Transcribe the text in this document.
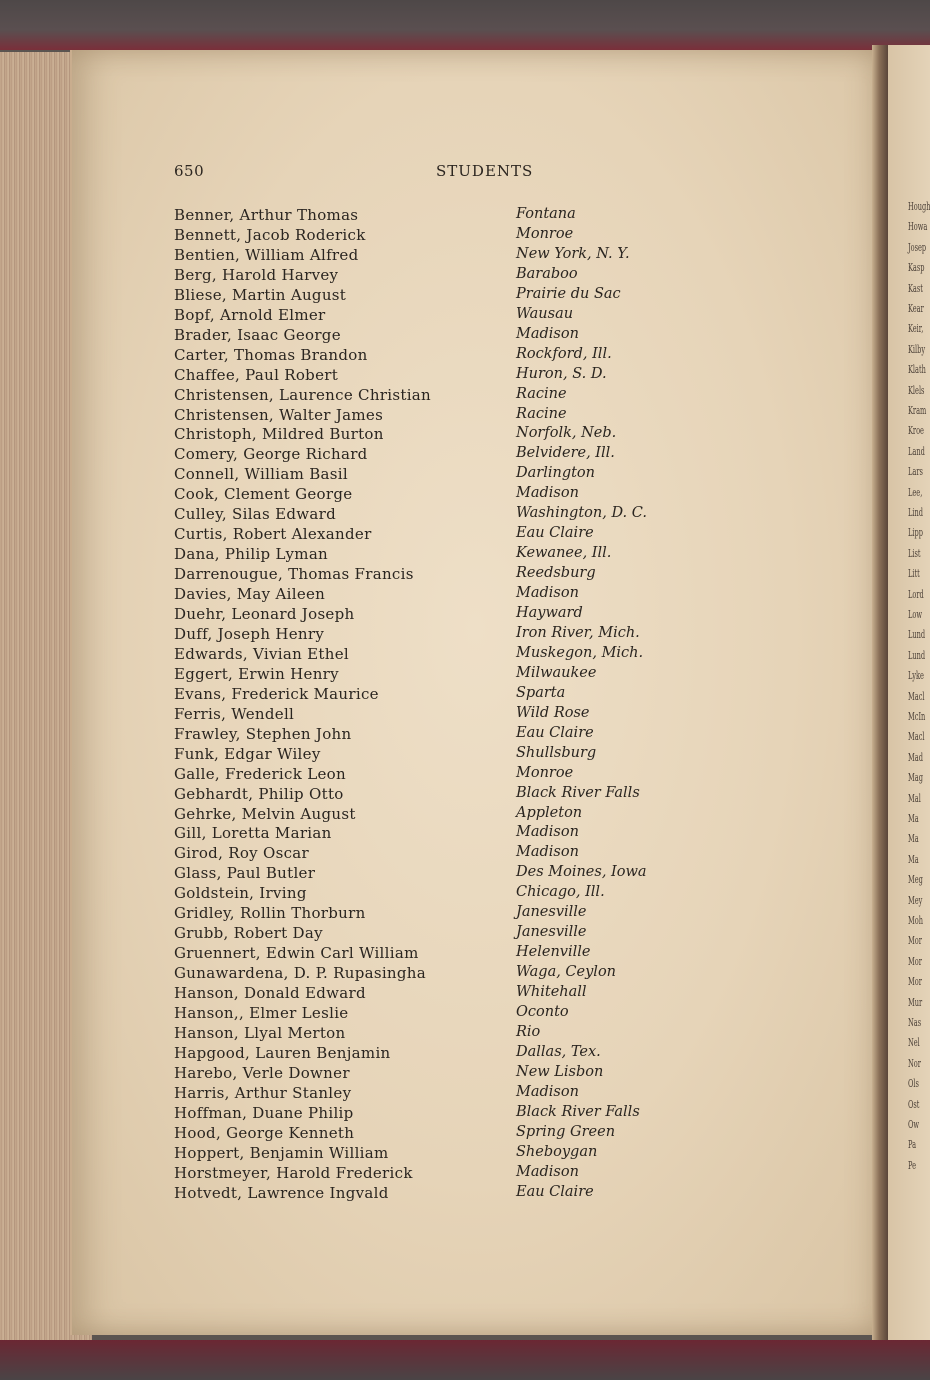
Hough
Howa
Josep
Kasp
Kast
Kear
Keir,
Kilby
Klath
Klels
Kram
Kroe
Land
Lars
Lee,
Lind
Lipp
List
Litt
Lord
Low
Lund
Lund
Lyke
Macl
McIn
Macl
Mad
Mag
Mal
Ma
Ma
Ma
Meg
Mey
Moh
Mor
Mor
Mor
Mur
Nas
Nel
Nor
Ols
Ost
Ow
Pa
Pe
650	STUDENTS
Benner, Arthur Thomas	Fontana
Bennett, Jacob Roderick	Monroe
Bentien, William Alfred	New York, N. Y.
Berg, Harold Harvey	Baraboo
Bliese, Martin August	Prairie du Sac
Bopf, Arnold Elmer	Wausau
Brader, Isaac George	Madison
Carter, Thomas Brandon	Rockford, Ill.
Chaffee, Paul Robert	Huron, S. D.
Christensen, Laurence Christian	Racine
Christensen, Walter James	Racine
Christoph, Mildred Burton	Norfolk, Neb.
Comery, George Richard	Belvidere, Ill.
Connell, William Basil	Darlington
Cook, Clement George	Madison
Culley, Silas Edward	Washington, D. C.
Curtis, Robert Alexander	Eau Claire
Dana, Philip Lyman	Kewanee, Ill.
Darrenougue, Thomas Francis	Reedsburg
Davies, May Aileen	Madison
Duehr, Leonard Joseph	Hayward
Duff, Joseph Henry	Iron River, Mich.
Edwards, Vivian Ethel	Muskegon, Mich.
Eggert, Erwin Henry	Milwaukee
Evans, Frederick Maurice	Sparta
Ferris, Wendell	Wild Rose
Frawley, Stephen John	Eau Claire
Funk, Edgar Wiley	Shullsburg
Galle, Frederick Leon	Monroe
Gebhardt, Philip Otto	Black River Falls
Gehrke, Melvin August	Appleton
Gill, Loretta Marian	Madison
Girod, Roy Oscar	Madison
Glass, Paul Butler	Des Moines, Iowa
Goldstein, Irving	Chicago, Ill.
Gridley, Rollin Thorburn	Janesville
Grubb, Robert Day	Janesville
Gruennert, Edwin Carl William	Helenville
Gunawardena, D. P. Rupasingha	Waga, Ceylon
Hanson, Donald Edward	Whitehall
Hanson,, Elmer Leslie	Oconto
Hanson, Llyal Merton	Rio
Hapgood, Lauren Benjamin	Dallas, Tex.
Harebo, Verle Downer	New Lisbon
Harris, Arthur Stanley	Madison
Hoffman, Duane Philip	Black River Falls
Hood, George Kenneth	Spring Green
Hoppert, Benjamin William	Sheboygan
Horstmeyer, Harold Frederick	Madison
Hotvedt, Lawrence Ingvald	Eau Claire
